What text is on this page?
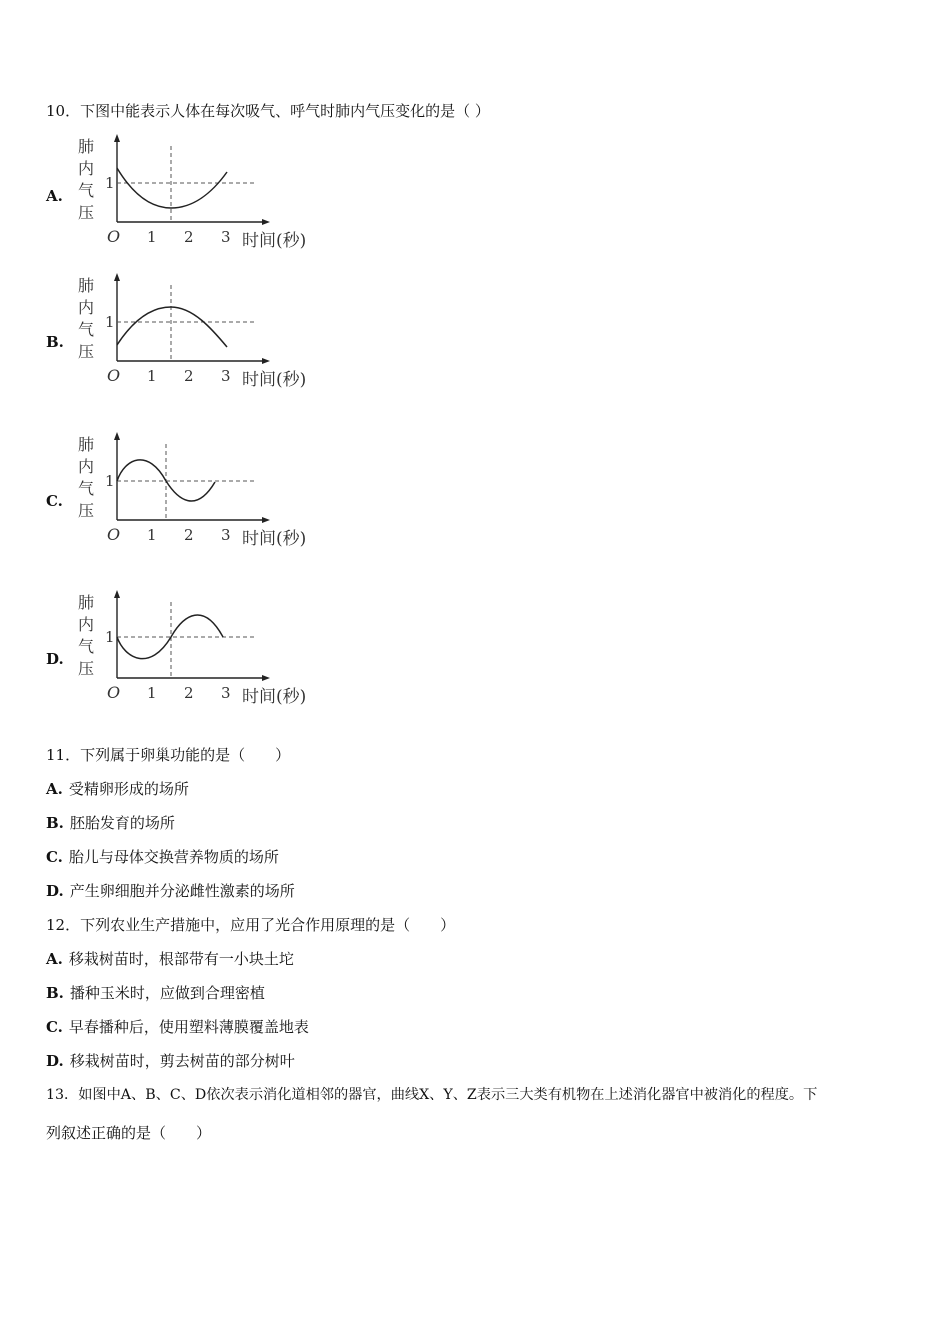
10．下图中能表示人体在每次吸气、呼气时肺内气压变化的是（ ）
A.
肺
内
气
压
1
O 1 2 3 时间(秒)
B.
肺
内
气
压
1
O 1 2 3 时间(秒)
C.
肺
内
气
压
1
O 1 2 3 时间(秒)
D.
肺
内
气
压
1
O 1 2 3 时间(秒)
11．下列属于卵巢功能的是（　　）
A. 受精卵形成的场所
B. 胚胎发育的场所
C. 胎儿与母体交换营养物质的场所
D. 产生卵细胞并分泌雌性激素的场所
12．下列农业生产措施中，应用了光合作用原理的是（　　）
A. 移栽树苗时，根部带有一小块土坨
B. 播种玉米时，应做到合理密植
C. 早春播种后，使用塑料薄膜覆盖地表
D. 移栽树苗时，剪去树苗的部分树叶
13．如图中A、B、C、D依次表示消化道相邻的器官，曲线X、Y、Z表示三大类有机物在上述消化器官中被消化的程度。下
列叙述正确的是（　　）
